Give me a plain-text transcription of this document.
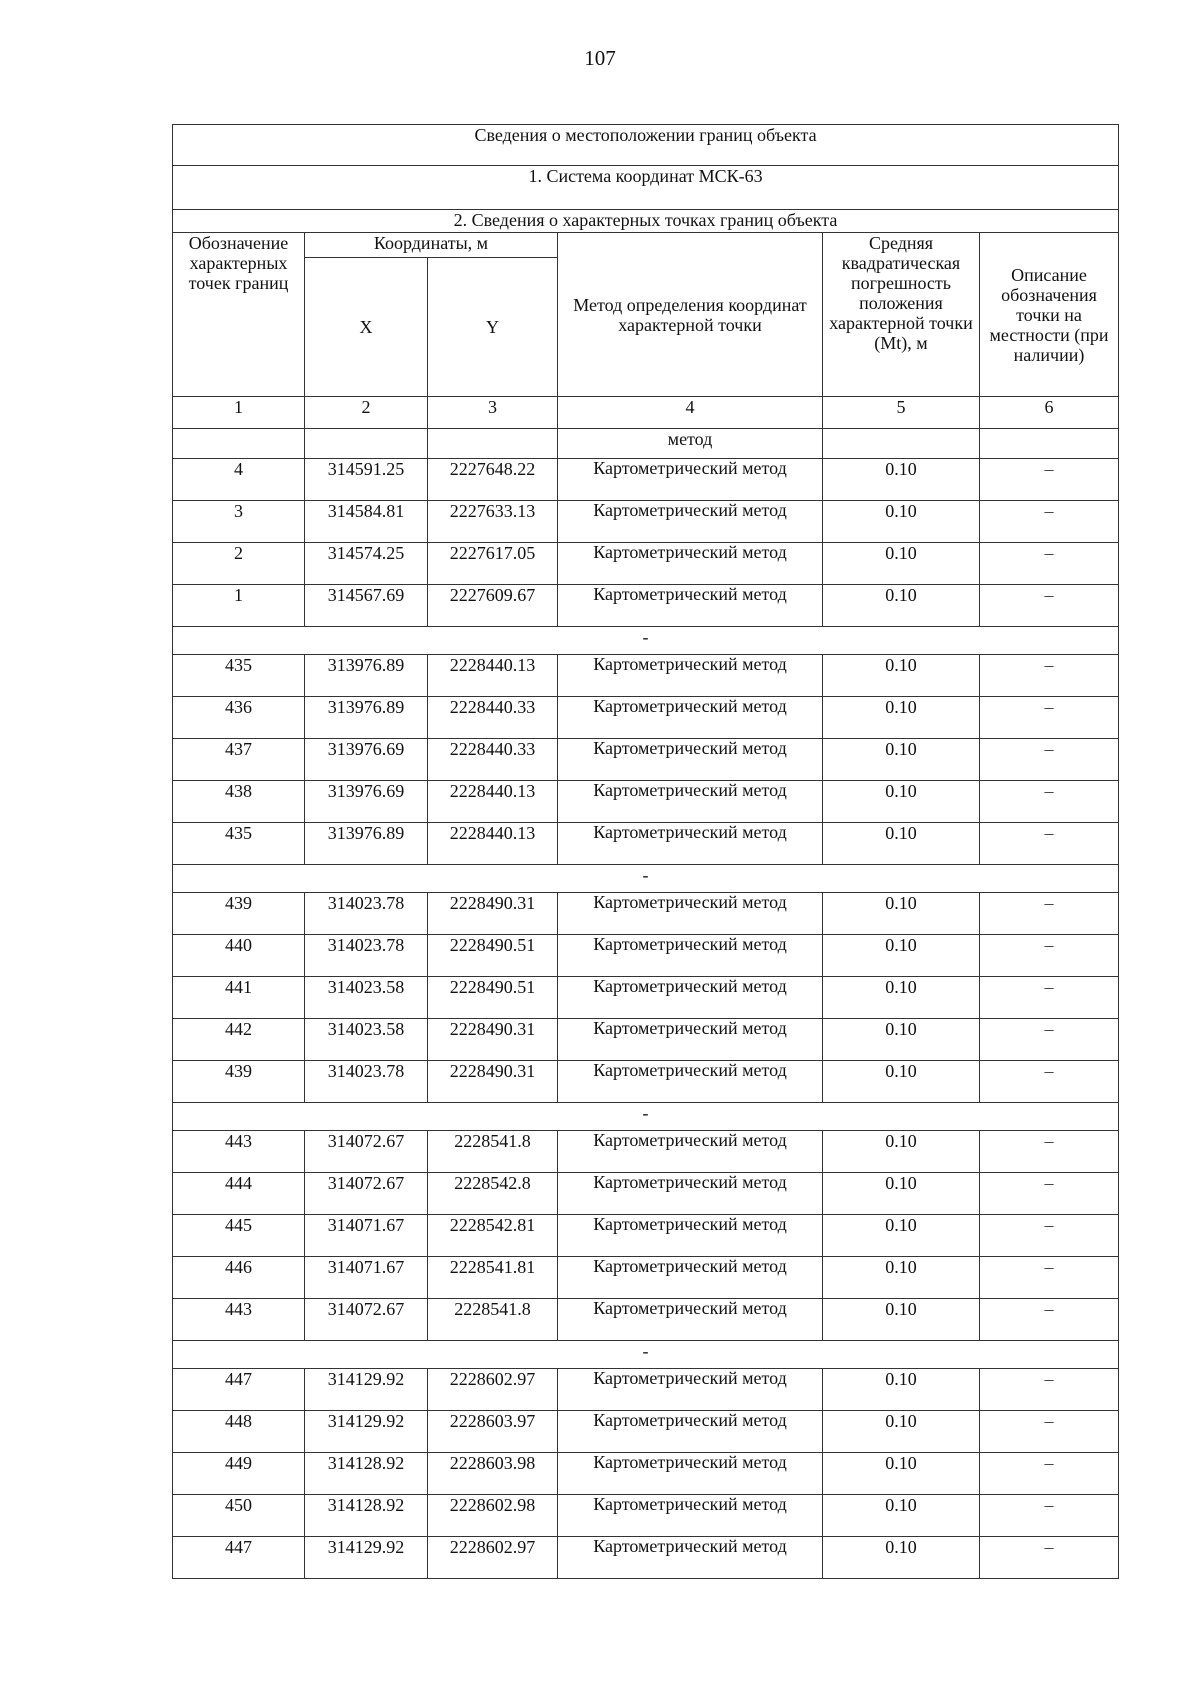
107
Сведения о местоположении границ объекта					
1. Система координат МСК-63					
2. Сведения о характерных точках границ объекта					
Обозначение характерных точек границ	Координаты, м		Метод определения координат характерной точки	Средняя квадратическая погрешность положения характерной точки (Mt), м	Описание обозначения точки на местности (при наличии)
	X	Y			
1	2	3	4	5	6
			метод		
4	314591.25	2227648.22	Картометрический метод	0.10	–
3	314584.81	2227633.13	Картометрический метод	0.10	–
2	314574.25	2227617.05	Картометрический метод	0.10	–
1	314567.69	2227609.67	Картометрический метод	0.10	–
-					
435	313976.89	2228440.13	Картометрический метод	0.10	–
436	313976.89	2228440.33	Картометрический метод	0.10	–
437	313976.69	2228440.33	Картометрический метод	0.10	–
438	313976.69	2228440.13	Картометрический метод	0.10	–
435	313976.89	2228440.13	Картометрический метод	0.10	–
-					
439	314023.78	2228490.31	Картометрический метод	0.10	–
440	314023.78	2228490.51	Картометрический метод	0.10	–
441	314023.58	2228490.51	Картометрический метод	0.10	–
442	314023.58	2228490.31	Картометрический метод	0.10	–
439	314023.78	2228490.31	Картометрический метод	0.10	–
-					
443	314072.67	2228541.8	Картометрический метод	0.10	–
444	314072.67	2228542.8	Картометрический метод	0.10	–
445	314071.67	2228542.81	Картометрический метод	0.10	–
446	314071.67	2228541.81	Картометрический метод	0.10	–
443	314072.67	2228541.8	Картометрический метод	0.10	–
-					
447	314129.92	2228602.97	Картометрический метод	0.10	–
448	314129.92	2228603.97	Картометрический метод	0.10	–
449	314128.92	2228603.98	Картометрический метод	0.10	–
450	314128.92	2228602.98	Картометрический метод	0.10	–
447	314129.92	2228602.97	Картометрический метод	0.10	–
